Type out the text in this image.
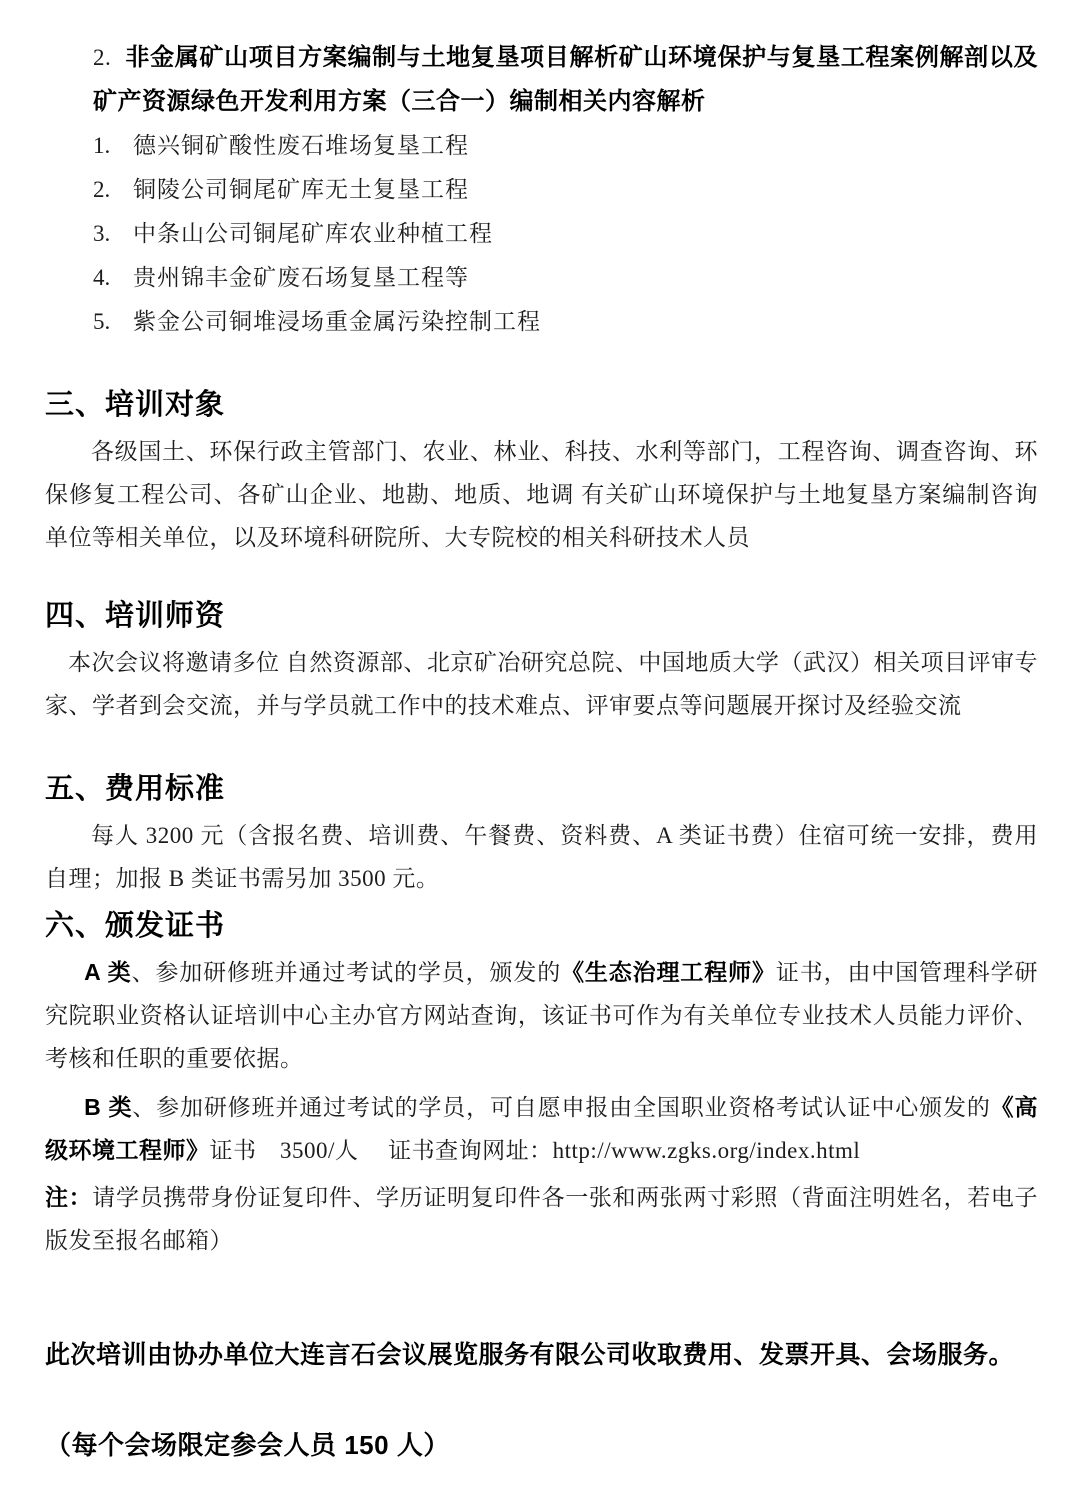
2. 非金属矿山项目方案编制与土地复垦项目解析矿山环境保护与复垦工程案例解剖以及矿产资源绿色开发利用方案（三合一）编制相关内容解析

1. 德兴铜矿酸性废石堆场复垦工程
2. 铜陵公司铜尾矿库无土复垦工程
3. 中条山公司铜尾矿库农业种植工程
4. 贵州锦丰金矿废石场复垦工程等
5. 紫金公司铜堆浸场重金属污染控制工程
三、培训对象

各级国土、环保行政主管部门、农业、林业、科技、水利等部门，工程咨询、调查咨询、环保修复工程公司、各矿山企业、地勘、地质、地调 有关矿山环境保护与土地复垦方案编制咨询单位等相关单位，以及环境科研院所、大专院校的相关科研技术人员

四、培训师资

本次会议将邀请多位 自然资源部、北京矿冶研究总院、中国地质大学（武汉）相关项目评审专家、学者到会交流，并与学员就工作中的技术难点、评审要点等问题展开探讨及经验交流

五、费用标准

每人 3200 元（含报名费、培训费、午餐费、资料费、A 类证书费）住宿可统一安排，费用自理；加报 B 类证书需另加 3500 元。

六、颁发证书

A 类、参加研修班并通过考试的学员，颁发的《生态治理工程师》证书，由中国管理科学研究院职业资格认证培训中心主办官方网站查询，该证书可作为有关单位专业技术人员能力评价、考核和任职的重要依据。

B 类、参加研修班并通过考试的学员，可自愿申报由全国职业资格考试认证中心颁发的《高级环境工程师》证书　3500/人　 证书查询网址：http://www.zgks.org/index.html

注：请学员携带身份证复印件、学历证明复印件各一张和两张两寸彩照（背面注明姓名，若电子版发至报名邮箱）

此次培训由协办单位大连言石会议展览服务有限公司收取费用、发票开具、会场服务。

（每个会场限定参会人员 150 人）
